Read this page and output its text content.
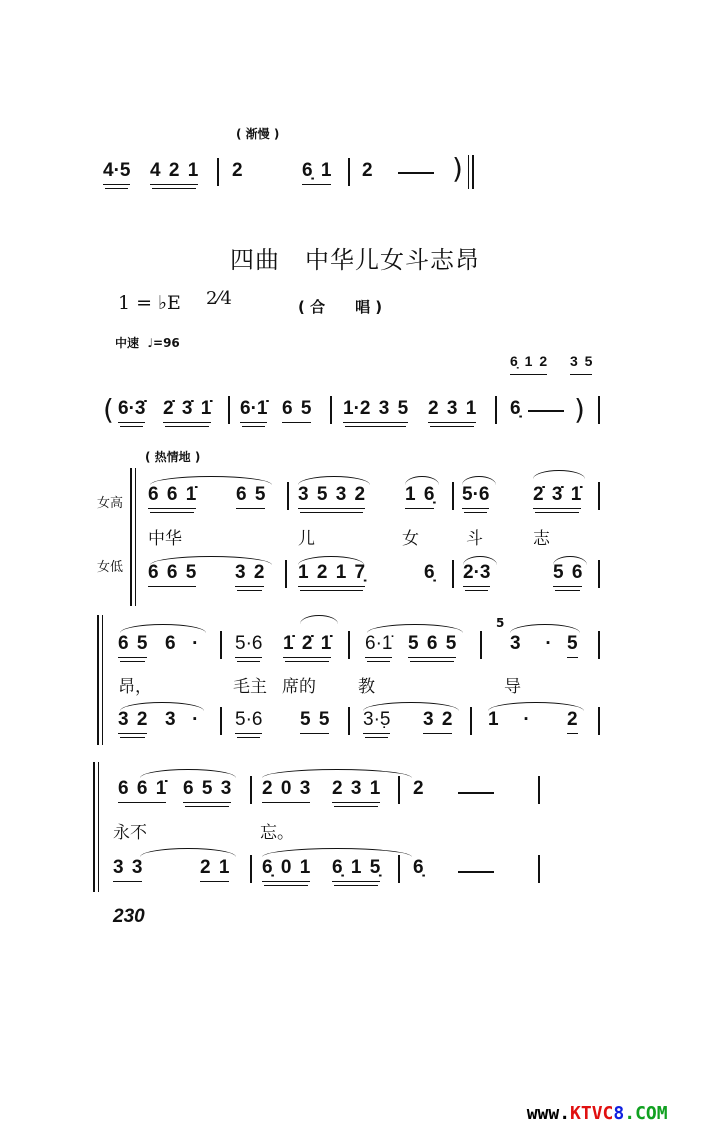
( 渐慢 )
4·5 4 2 1 2	6̣ 1 2	)
四曲　中华儿女斗志昂
1 = ♭E 2⁄4	( 合　　唱 )
中速  ♩=96
6̣ 1 2 3 5
( 6·3̇ 2̇ 3̇ 1̇ 6·1̇ 6 5 1·2 3 5 2 3 1 6̣ )
( 热情地 )
女高
女低
6 6 1̇ 6 5 3 5 3 2 1 6̣ 5·6 2̇ 3̇ 1̇
中华	儿	女	斗	志
6 6 5 3 2 1 2 1 7̣	6̣ 2·3	5 6
6 5 6  · 5·6 1̇ 2̇ 1̇ 6·1̇ 5 6 5
5
3   · 5
昂，	毛主 席的 教	导
3 2 3  · 5·6 5 5 3·5̣ 3 2 1   · 2
6 6 1̇ 6 5 3 2 0 3 2 3 1 2
永不	忘。
3 3	2 1 6̣ 0 1 6̣ 1 5̣ 6̣
230

www.KTVC8.COM
